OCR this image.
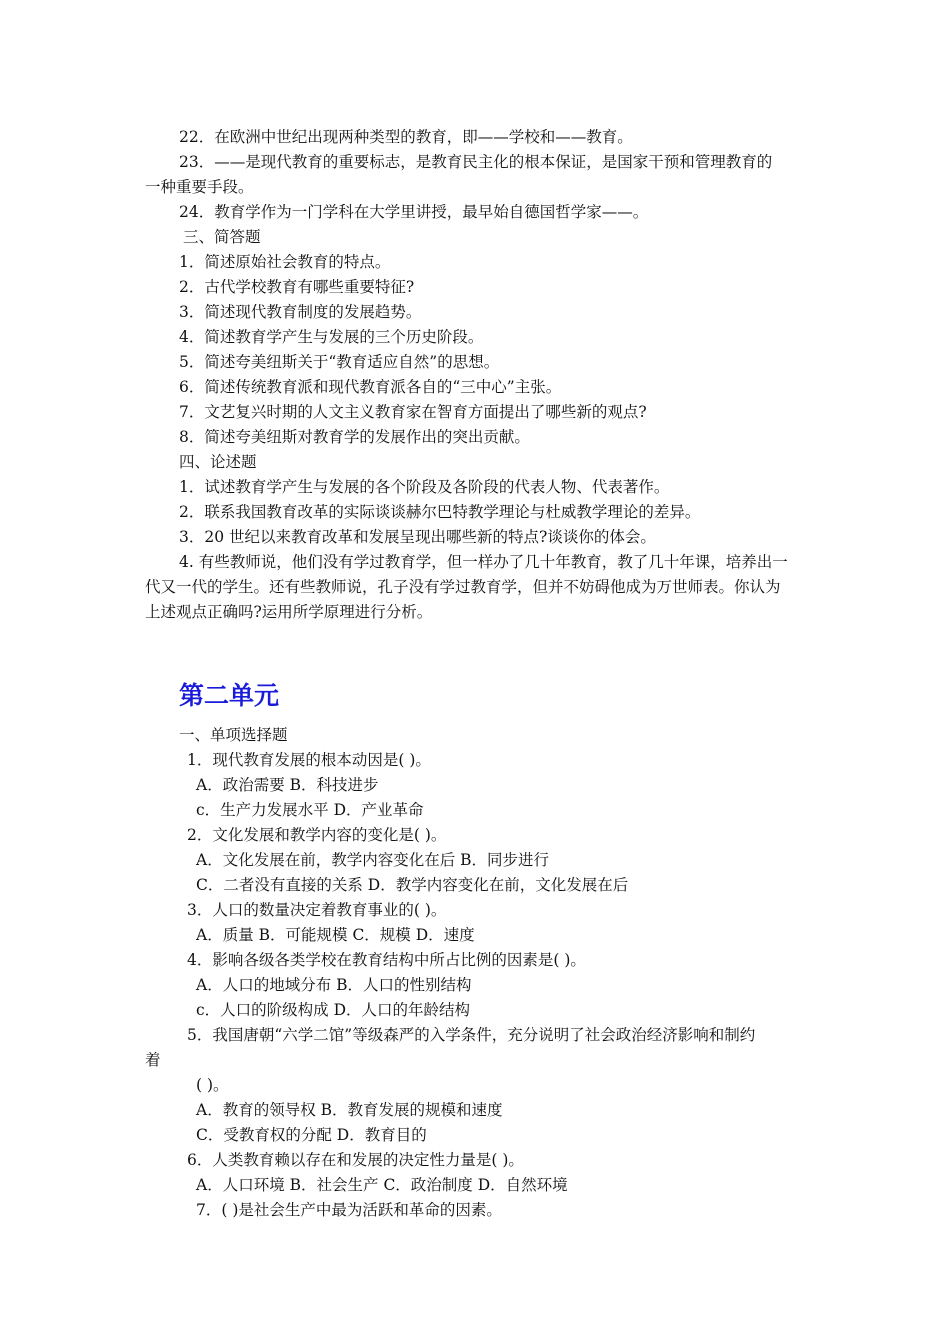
22．在欧洲中世纪出现两种类型的教育，即——学校和——教育。

23．——是现代教育的重要标志，是教育民主化的根本保证，是国家干预和管理教育的

一种重要手段。

24．教育学作为一门学科在大学里讲授，最早始自德国哲学家——。

三、简答题

1．简述原始社会教育的特点。

2．古代学校教育有哪些重要特征?

3．简述现代教育制度的发展趋势。

4．简述教育学产生与发展的三个历史阶段。

5．简述夸美纽斯关于“教育适应自然”的思想。

6．简述传统教育派和现代教育派各自的“三中心”主张。

7．文艺复兴时期的人文主义教育家在智育方面提出了哪些新的观点?

8．简述夸美纽斯对教育学的发展作出的突出贡献。

四、论述题

1．试述教育学产生与发展的各个阶段及各阶段的代表人物、代表著作。

2．联系我国教育改革的实际谈谈赫尔巴特教学理论与杜威教学理论的差异。

3．20 世纪以来教育改革和发展呈现出哪些新的特点?谈谈你的体会。

4. 有些教师说，他们没有学过教育学，但一样办了几十年教育，教了几十年课，培养出一

代又一代的学生。还有些教师说，孔子没有学过教育学，但并不妨碍他成为万世师表。你认为

上述观点正确吗?运用所学原理进行分析。

第二单元

一、单项选择题

1．现代教育发展的根本动因是( )。

A．政治需要 B．科技进步

c．生产力发展水平 D．产业革命

2．文化发展和教学内容的变化是( )。

A．文化发展在前，教学内容变化在后 B．同步进行

C．二者没有直接的关系 D．教学内容变化在前，文化发展在后

3．人口的数量决定着教育事业的( )。

A．质量 B．可能规模 C．规模 D．速度

4．影响各级各类学校在教育结构中所占比例的因素是( )。

A．人口的地域分布 B．人口的性别结构

c．人口的阶级构成 D．人口的年龄结构

5．我国唐朝“六学二馆”等级森严的入学条件，充分说明了社会政治经济影响和制约

着

( )。

A．教育的领导权 B．教育发展的规模和速度

C．受教育权的分配 D．教育目的

6．人类教育赖以存在和发展的决定性力量是( )。

A．人口环境 B．社会生产 C．政治制度 D．自然环境

7．( )是社会生产中最为活跃和革命的因素。
